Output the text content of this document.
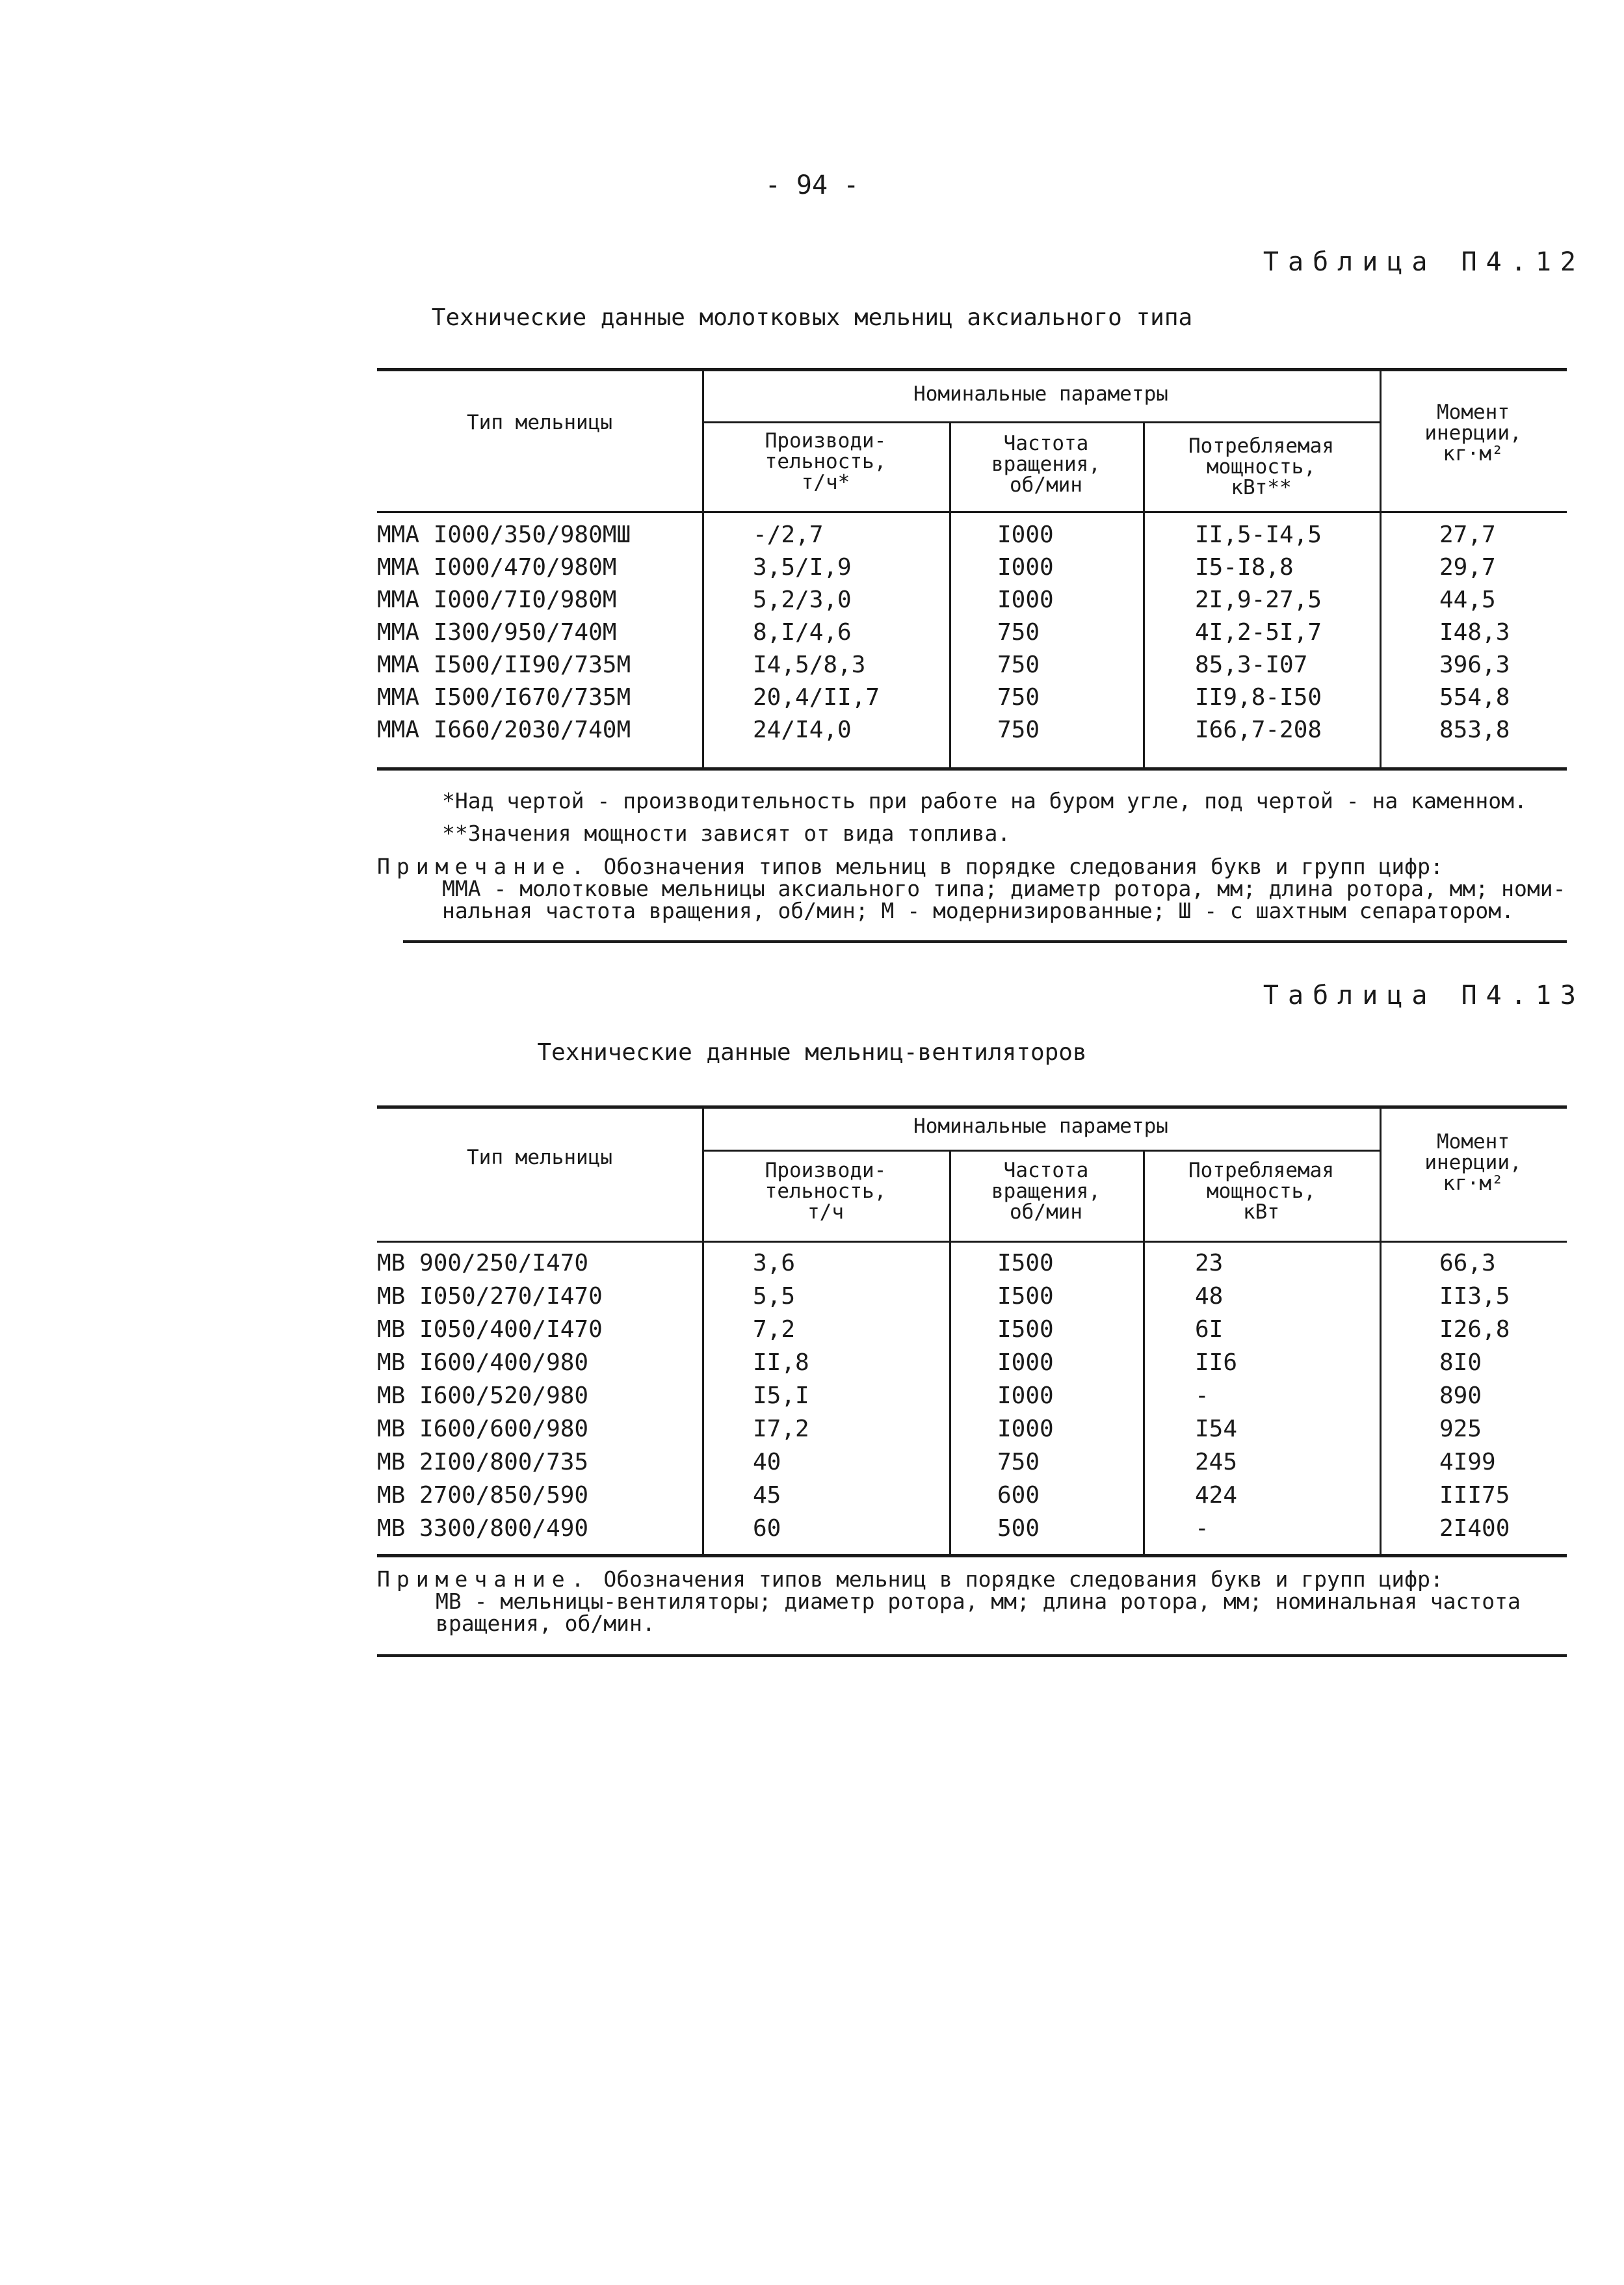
- 94 -
Таблица П4.12
Технические данные молотковых мельниц аксиального типа
Тип мельницы
Номинальные параметры
Производи-
тельность,
т/ч*
Частота
вращения,
об/мин
Потребляемая
мощность,
кВт**
Момент
инерции,
кг·м²
ММА I000/350/980МШ	-/2,7	I000	II,5-I4,5	27,7
ММА I000/470/980М	3,5/I,9	I000	I5-I8,8	29,7
ММА I000/7I0/980М	5,2/3,0	I000	2I,9-27,5	44,5
ММА I300/950/740М	8,I/4,6	750	4I,2-5I,7	I48,3
ММА I500/II90/735М	I4,5/8,3	750	85,3-I07	396,3
ММА I500/I670/735М	20,4/II,7	750	II9,8-I50	554,8
ММА I660/2030/740М	24/I4,0	750	I66,7-208	853,8
*Над чертой - производительность при работе на буром угле, под чертой - на каменном.
**Значения мощности зависят от вида топлива.
Примечание. Обозначения типов мельниц в порядке следования букв и групп цифр:
ММА - молотковые мельницы аксиального типа; диаметр ротора, мм; длина ротора, мм; номи-
нальная частота вращения, об/мин; М - модернизированные; Ш - с шахтным сепаратором.
Таблица П4.13
Технические данные мельниц-вентиляторов
Тип мельницы
Номинальные параметры
Производи-
тельность,
т/ч
Частота
вращения,
об/мин
Потребляемая
мощность,
кВт
Момент
инерции,
кг·м²
МВ 900/250/I470	3,6	I500	23	66,3
МВ I050/270/I470	5,5	I500	48	II3,5
МВ I050/400/I470	7,2	I500	6I	I26,8
МВ I600/400/980	II,8	I000	II6	8I0
МВ I600/520/980	I5,I	I000	-	890
МВ I600/600/980	I7,2	I000	I54	925
МВ 2I00/800/735	40	750	245	4I99
МВ 2700/850/590	45	600	424	III75
МВ 3300/800/490	60	500	-	2I400
Примечание. Обозначения типов мельниц в порядке следования букв и групп цифр:
МВ - мельницы-вентиляторы; диаметр ротора, мм; длина ротора, мм; номинальная частота
вращения, об/мин.
